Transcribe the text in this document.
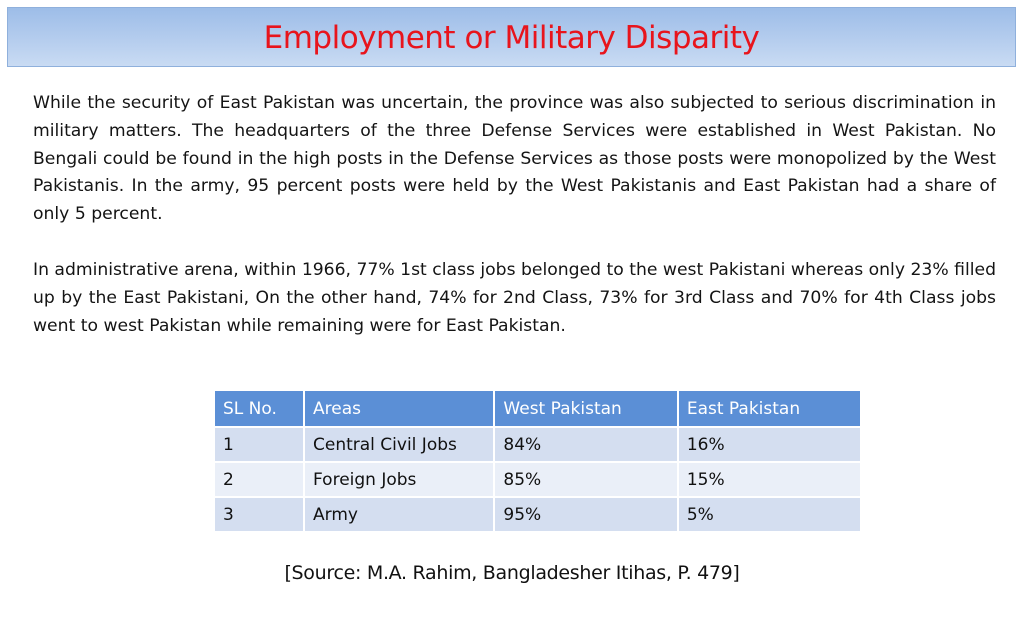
Employment or Military Disparity

While the security of East Pakistan was uncertain, the province was also subjected to serious discrimination in military matters. The headquarters of the three Defense Services were established in West Pakistan. No Bengali could be found in the high posts in the Defense Services as those posts were monopolized by the West Pakistanis. In the army, 95 percent posts were held by the West Pakistanis and East Pakistan had a share of only 5 percent.

In administrative arena, within 1966, 77% 1st class jobs belonged to the west Pakistani whereas only 23% filled up by the East Pakistani, On the other hand, 74% for 2nd Class, 73% for 3rd Class and 70% for 4th Class jobs went to west Pakistan while remaining were for East Pakistan.

SL No.	Areas	West Pakistan	East Pakistan
1	Central Civil Jobs	84%	16%
2	Foreign Jobs	85%	15%
3	Army	95%	5%
[Source: M.A. Rahim, Bangladesher Itihas, P. 479]
